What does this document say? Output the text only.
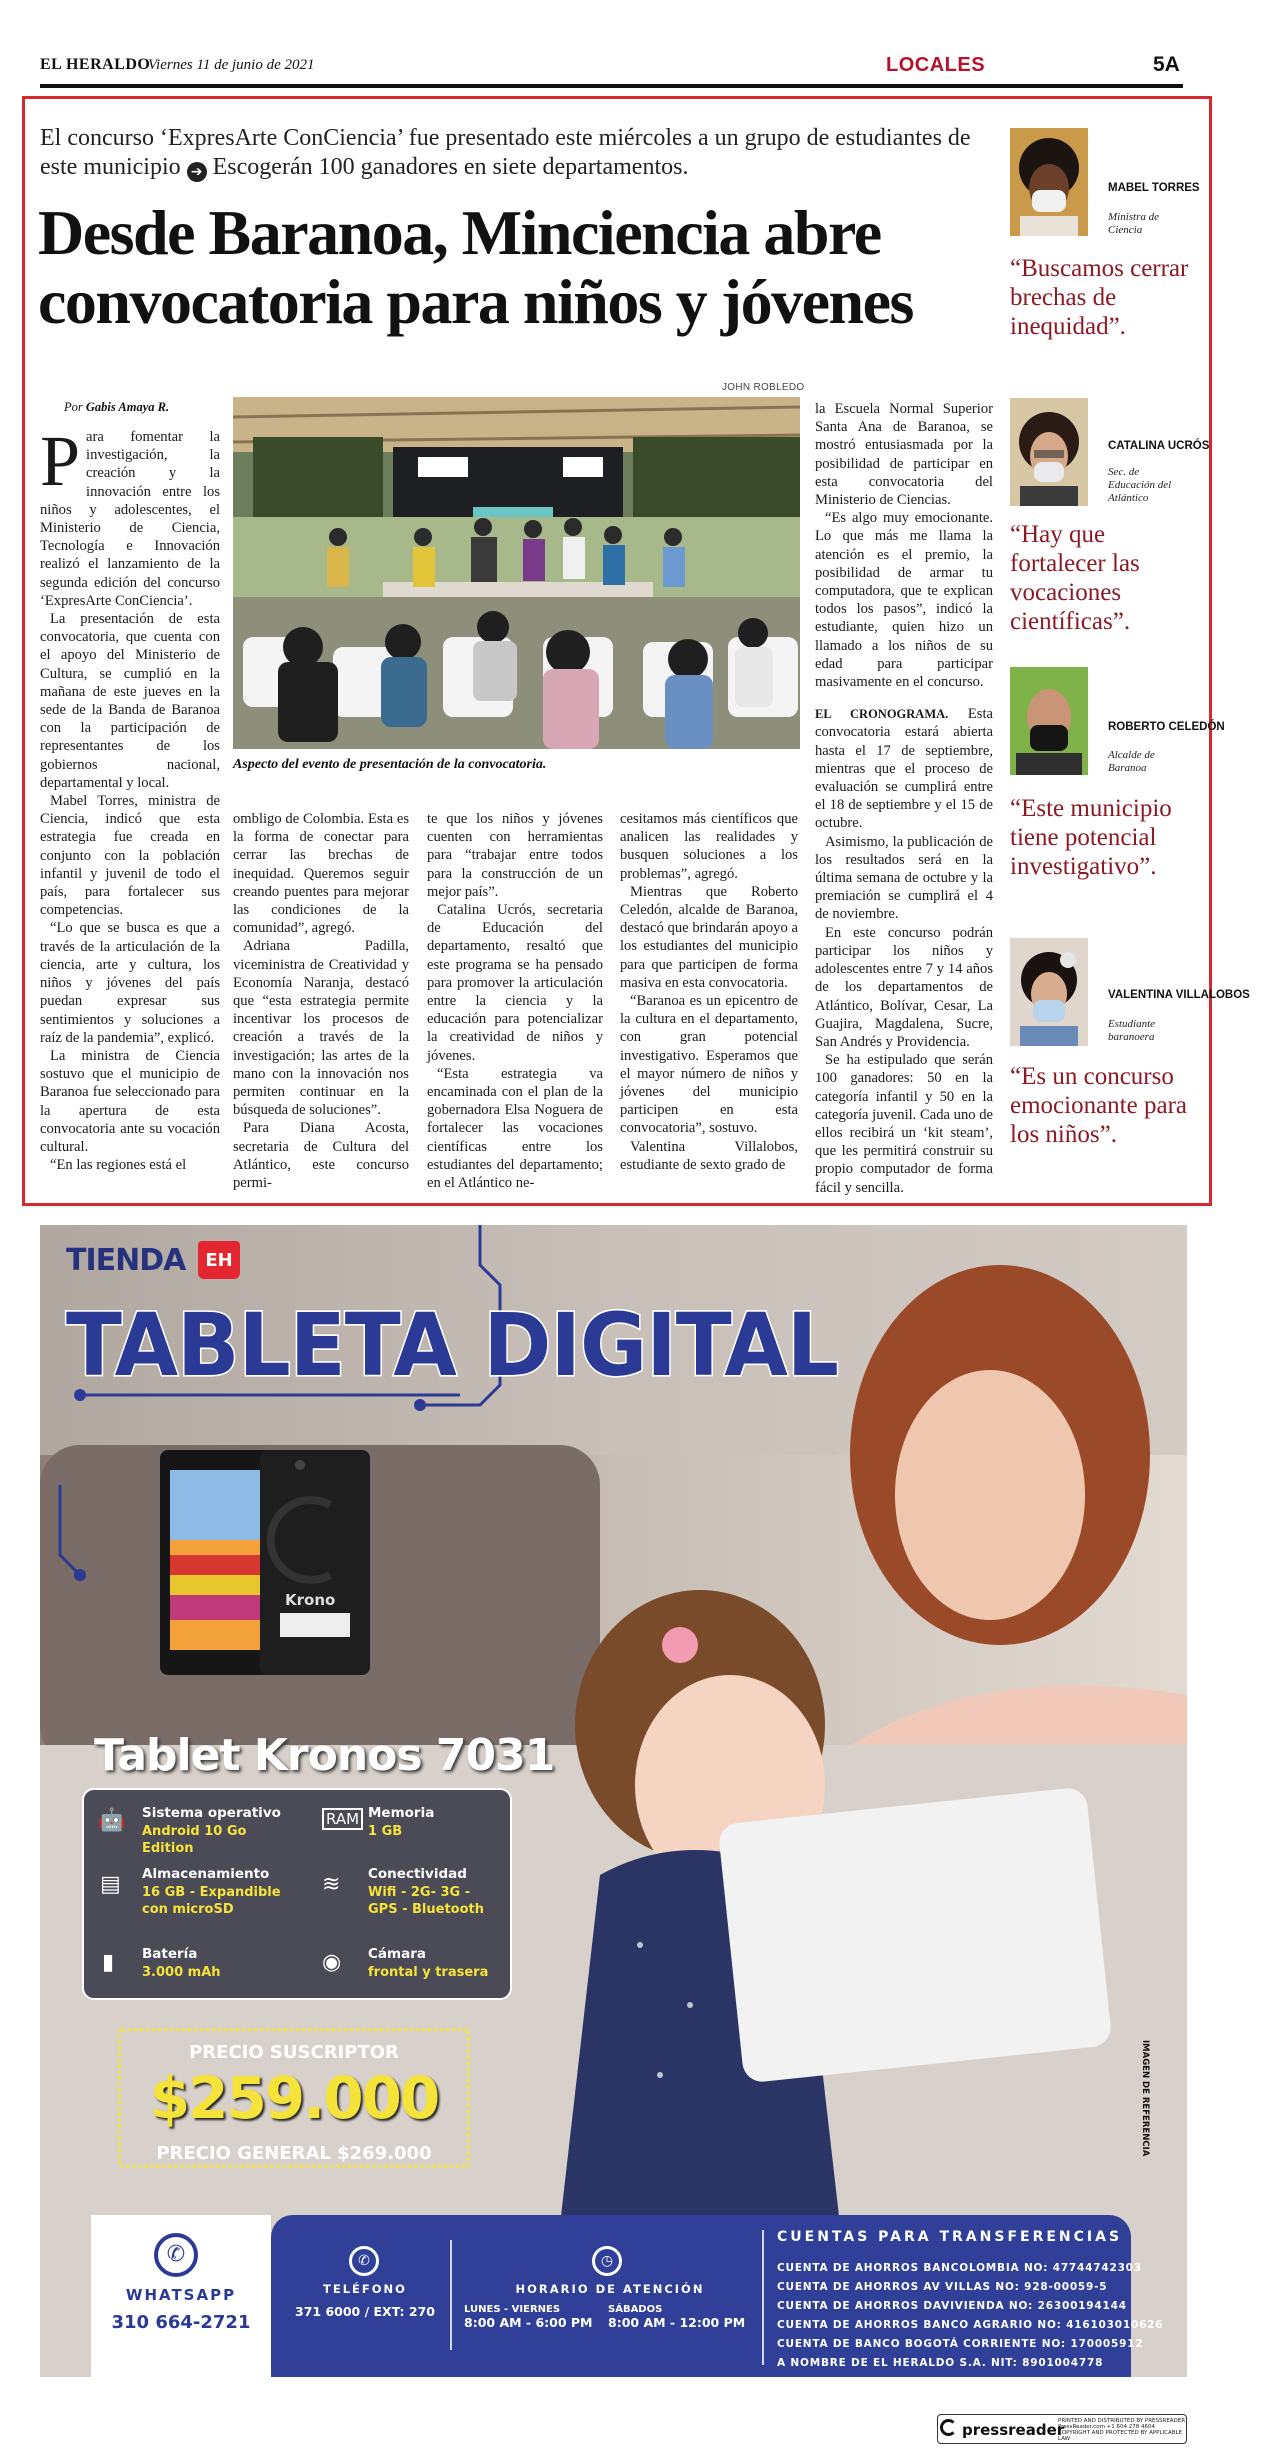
EL HERALDO
Viernes 11 de junio de 2021	LOCALES	5A
El concurso ‘ExpresArte ConCiencia’ fue presentado este miércoles a un grupo de estudiantes de este municipio ➔ Escogerán 100 ganadores en siete departamentos.
Desde Baranoa, Minciencia abre convocatoria para niños y jóvenes
Por Gabis Amaya R.
JOHN ROBLEDO
Aspecto del evento de presentación de la convocatoria.

Para fomentar la investigación, la creación y la innovación entre los niños y adolescentes, el Ministerio de Ciencia, Tecnología e Innovación realizó el lanzamiento de la segunda edición del concurso ‘ExpresArte ConCiencia’.

La presentación de esta convocatoria, que cuenta con el apoyo del Ministerio de Cultura, se cumplió en la mañana de este jueves en la sede de la Banda de Baranoa con la participación de representantes de los gobiernos nacional, departamental y local.

Mabel Torres, ministra de Ciencia, indicó que esta estrategia fue creada en conjunto con la población infantil y juvenil de todo el país, para fortalecer sus competencias.

“Lo que se busca es que a través de la articulación de la ciencia, arte y cultura, los niños y jóvenes del país puedan expresar sus sentimientos y soluciones a raíz de la pandemia”, explicó.

La ministra de Ciencia sostuvo que el municipio de Baranoa fue seleccionado para la apertura de esta convocatoria ante su vocación cultural.

“En las regiones está el

ombligo de Colombia. Esta es la forma de conectar para cerrar las brechas de inequidad. Queremos seguir creando puentes para mejorar las condiciones de la comunidad”, agregó.

Adriana Padilla, viceministra de Creatividad y Economía Naranja, destacó que “esta estrategia permite incentivar los procesos de creación a través de la investigación; las artes de la mano con la innovación nos permiten continuar en la búsqueda de soluciones”.

Para Diana Acosta, secretaria de Cultura del Atlántico, este concurso permi-

te que los niños y jóvenes cuenten con herramientas para “trabajar entre todos para la construcción de un mejor país”.

Catalina Ucrós, secretaria de Educación del departamento, resaltó que este programa se ha pensado para promover la articulación entre la ciencia y la educación para potencializar la creatividad de niños y jóvenes.

“Esta estrategia va encaminada con el plan de la gobernadora Elsa Noguera de fortalecer las vocaciones científicas entre los estudiantes del departamento; en el Atlántico ne-

cesitamos más científicos que analicen las realidades y busquen soluciones a los problemas”, agregó.

Mientras que Roberto Celedón, alcalde de Baranoa, destacó que brindarán apoyo a los estudiantes del municipio para que participen de forma masiva en esta convocatoria.

“Baranoa es un epicentro de la cultura en el departamento, con gran potencial investigativo. Esperamos que el mayor número de niños y jóvenes del municipio participen en esta convocatoria”, sostuvo.

Valentina Villalobos, estudiante de sexto grado de

la Escuela Normal Superior Santa Ana de Baranoa, se mostró entusiasmada por la posibilidad de participar en esta convocatoria del Ministerio de Ciencias.

“Es algo muy emocionante. Lo que más me llama la atención es el premio, la posibilidad de armar tu computadora, que te explican todos los pasos”, indicó la estudiante, quien hizo un llamado a los niños de su edad para participar masivamente en el concurso.

EL CRONOGRAMA. Esta convocatoria estará abierta hasta el 17 de septiembre, mientras que el proceso de evaluación se cumplirá entre el 18 de septiembre y el 15 de octubre.

Asimismo, la publicación de los resultados será en la última semana de octubre y la premiación se cumplirá el 4 de noviembre.

En este concurso podrán participar los niños y adolescentes entre 7 y 14 años de los departamentos de Atlántico, Bolívar, Cesar, La Guajira, Magdalena, Sucre, San Andrés y Providencia.

Se ha estipulado que serán 100 ganadores: 50 en la categoría infantil y 50 en la categoría juvenil. Cada uno de ellos recibirá un ‘kit steam’, que les permitirá construir su propio computador de forma fácil y sencilla.

MABEL TORRES
Ministra de Ciencia
“Buscamos cerrar brechas de inequidad”.
CATALINA UCRÓS
Sec. de Educación del Atlántico
“Hay que fortalecer las vocaciones científicas”.
ROBERTO CELEDÓN
Alcalde de Baranoa
“Este municipio tiene potencial investigativo”.
VALENTINA VILLALOBOS
Estudiante baranoera
“Es un concurso emocionante para los niños”.
Krono
TIENDA	EH
TABLETA DIGITAL
Tablet Kronos 7031
🤖 Sistema operativo
Android 10 Go Edition
RAM Memoria
1 GB
▤ Almacenamiento
16 GB - Expandible con microSD
≋ Conectividad
Wifi - 2G- 3G - GPS - Bluetooth
▮ Batería
3.000 mAh	◉ Cámara
frontal y trasera
PRECIO SUSCRIPTOR
$259.000
PRECIO GENERAL $269.000	IMAGEN DE REFERENCIA
✆
WHATSAPP
310 664-2721
✆
TELÉFONO
371 6000 / EXT: 270
◷
HORARIO DE ATENCIÓN
LUNES - VIERNES
8:00 AM - 6:00 PM
SÁBADOS
8:00 AM - 12:00 PM
CUENTAS PARA TRANSFERENCIAS
CUENTA DE AHORROS BANCOLOMBIA NO: 47744742303
CUENTA DE AHORROS AV VILLAS NO: 928-00059-5
CUENTA DE AHORROS DAVIVIENDA NO: 26300194144
CUENTA DE AHORROS BANCO AGRARIO NO: 416103010626
CUENTA DE BANCO BOGOTÁ CORRIENTE NO: 170005912
A NOMBRE DE EL HERALDO S.A. NIT: 8901004778
pressreader
PRINTED AND DISTRIBUTED BY PRESSREADER PressReader.com +1 604 278 4604 COPYRIGHT AND PROTECTED BY APPLICABLE LAW
